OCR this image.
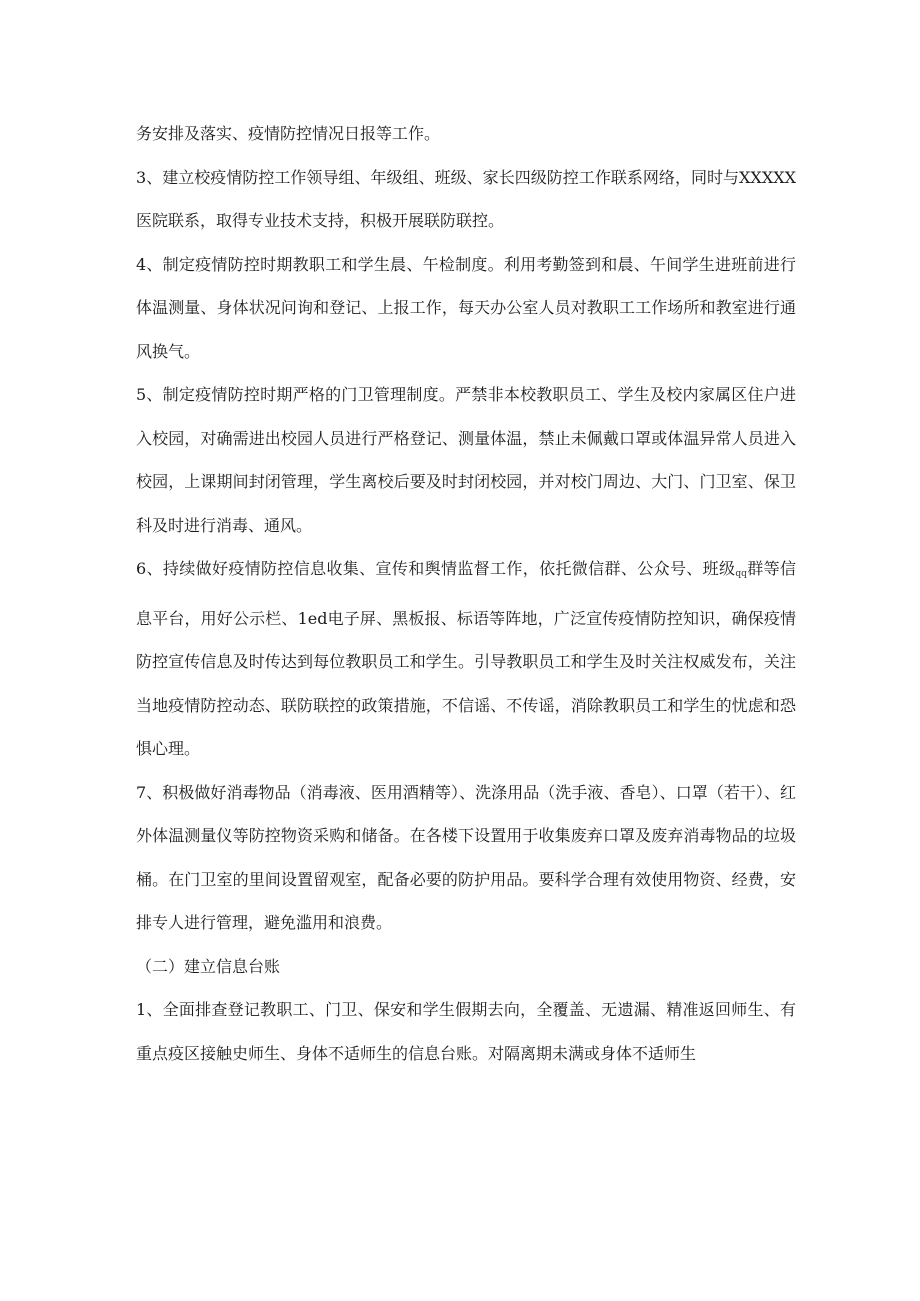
务安排及落实、疫情防控情况日报等工作。

3、建立校疫情防控工作领导组、年级组、班级、家长四级防控工作联系网络，同时与XXXXX医院联系，取得专业技术支持，积极开展联防联控。

4、制定疫情防控时期教职工和学生晨、午检制度。利用考勤签到和晨、午间学生进班前进行体温测量、身体状况问询和登记、上报工作，每天办公室人员对教职工工作场所和教室进行通风换气。

5、制定疫情防控时期严格的门卫管理制度。严禁非本校教职员工、学生及校内家属区住户进入校园，对确需进出校园人员进行严格登记、测量体温，禁止未佩戴口罩或体温异常人员进入校园，上课期间封闭管理，学生离校后要及时封闭校园，并对校门周边、大门、门卫室、保卫科及时进行消毒、通风。

6、持续做好疫情防控信息收集、宣传和舆情监督工作，依托微信群、公众号、班级qq群等信息平台，用好公示栏、1ed电子屏、黑板报、标语等阵地，广泛宣传疫情防控知识，确保疫情防控宣传信息及时传达到每位教职员工和学生。引导教职员工和学生及时关注权威发布，关注当地疫情防控动态、联防联控的政策措施，不信谣、不传谣，消除教职员工和学生的忧虑和恐惧心理。

7、积极做好消毒物品（消毒液、医用酒精等）、洗涤用品（洗手液、香皂）、口罩（若干）、红外体温测量仪等防控物资采购和储备。在各楼下设置用于收集废弃口罩及废弃消毒物品的垃圾桶。在门卫室的里间设置留观室，配备必要的防护用品。要科学合理有效使用物资、经费，安排专人进行管理，避免滥用和浪费。

（二）建立信息台账

1、全面排查登记教职工、门卫、保安和学生假期去向，全覆盖、无遗漏、精准返回师生、有重点疫区接触史师生、身体不适师生的信息台账。对隔离期未满或身体不适师生
